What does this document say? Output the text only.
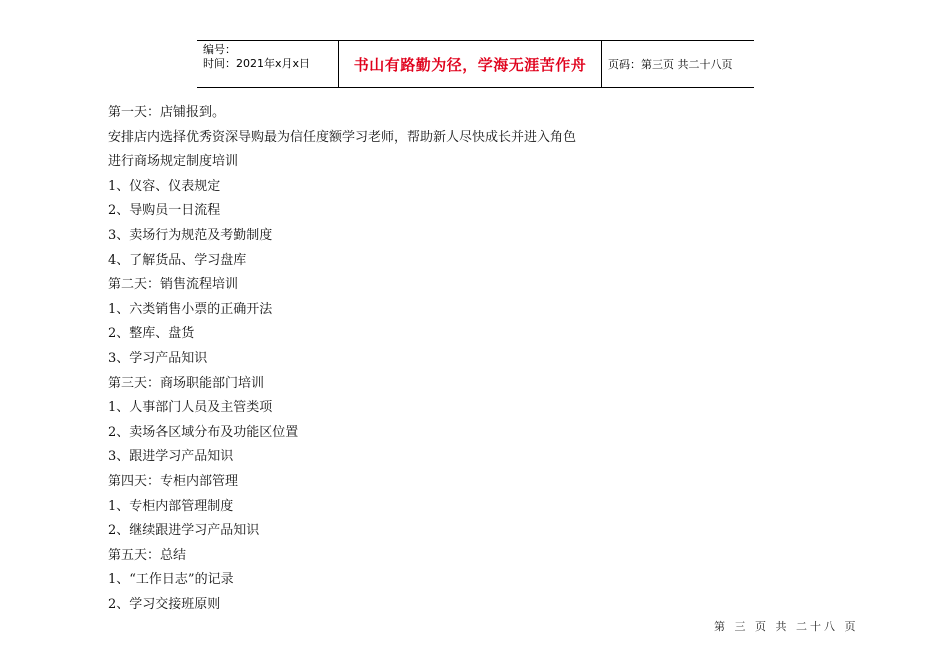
编号：
时间：2021年x月x日	书山有路勤为径，学海无涯苦作舟	页码：第三页 共二十八页
第一天：店铺报到。
安排店内选择优秀资深导购最为信任度额学习老师，帮助新人尽快成长并进入角色
进行商场规定制度培训
1、仪容、仪表规定
2、导购员一日流程
3、卖场行为规范及考勤制度
4、了解货品、学习盘库
第二天：销售流程培训
1、六类销售小票的正确开法
2、整库、盘货
3、学习产品知识
第三天：商场职能部门培训
1、人事部门人员及主管类项
2、卖场各区域分布及功能区位置
3、跟进学习产品知识
第四天：专柜内部管理
1、专柜内部管理制度
2、继续跟进学习产品知识
第五天：总结
1、“工作日志”的记录
2、学习交接班原则
第 三 页 共 二十八 页
